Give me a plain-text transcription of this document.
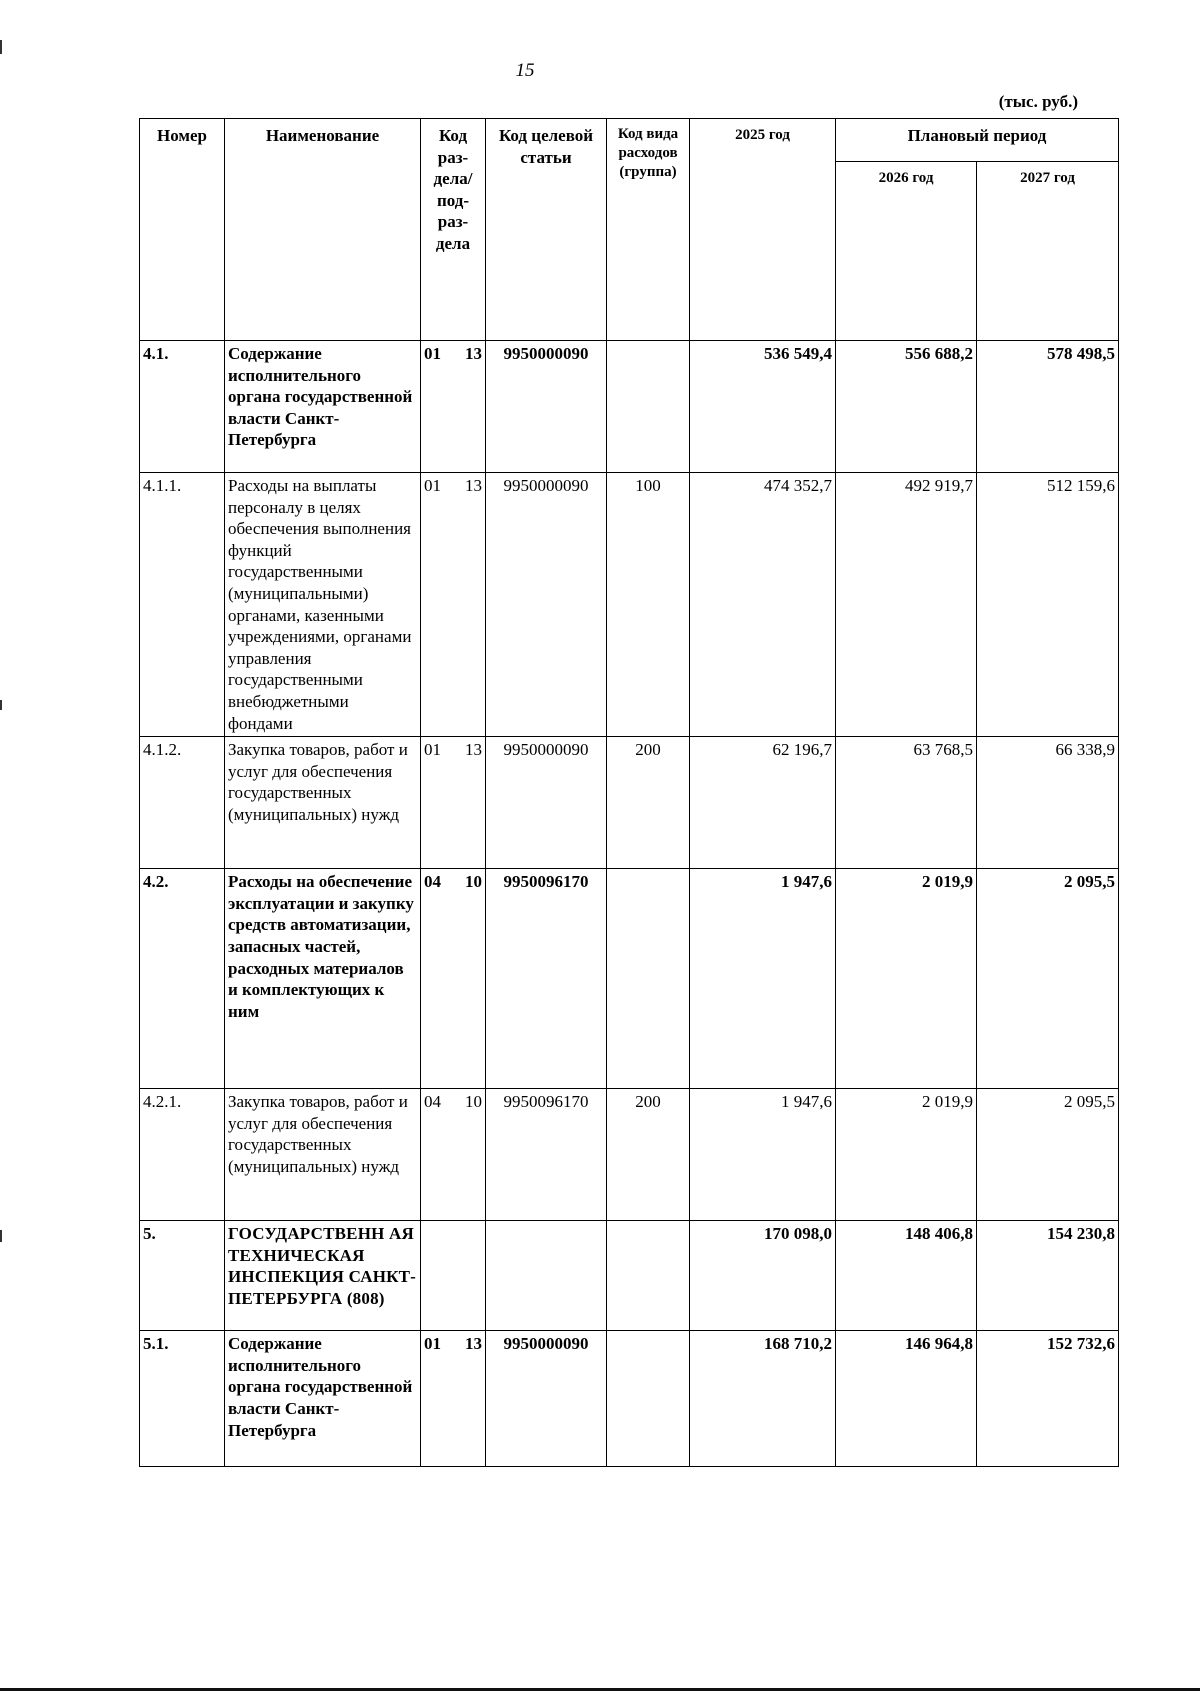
15
(тыс. руб.)
Номер	Наименование	Код раз-дела/ под-раз-дела	Код целевой статьи	Код вида расходов (группа)	2025 год	Плановый период	
						2026 год	2027 год
4.1.	Содержание исполнительного органа государственной власти Санкт-Петербурга	01 13	9950000090		536 549,4	556 688,2	578 498,5
4.1.1.	Расходы на выплаты персоналу в целях обеспечения выполнения функций государственными (муниципальными) органами, казенными учреждениями, органами управления государственными внебюджетными фондами	01 13	9950000090	100	474 352,7	492 919,7	512 159,6
4.1.2.	Закупка товаров, работ и услуг для обеспечения государственных (муниципальных) нужд	01 13	9950000090	200	62 196,7	63 768,5	66 338,9
4.2.	Расходы на обеспечение эксплуатации и закупку средств автоматизации, запасных частей, расходных материалов и комплектующих к ним	04 10	9950096170		1 947,6	2 019,9	2 095,5
4.2.1.	Закупка товаров, работ и услуг для обеспечения государственных (муниципальных) нужд	04 10	9950096170	200	1 947,6	2 019,9	2 095,5
5.	ГОСУДАРСТВЕНН АЯ ТЕХНИЧЕСКАЯ ИНСПЕКЦИЯ САНКТ-ПЕТЕРБУРГА (808)				170 098,0	148 406,8	154 230,8
5.1.	Содержание исполнительного органа государственной власти Санкт-Петербурга	01 13	9950000090		168 710,2	146 964,8	152 732,6
